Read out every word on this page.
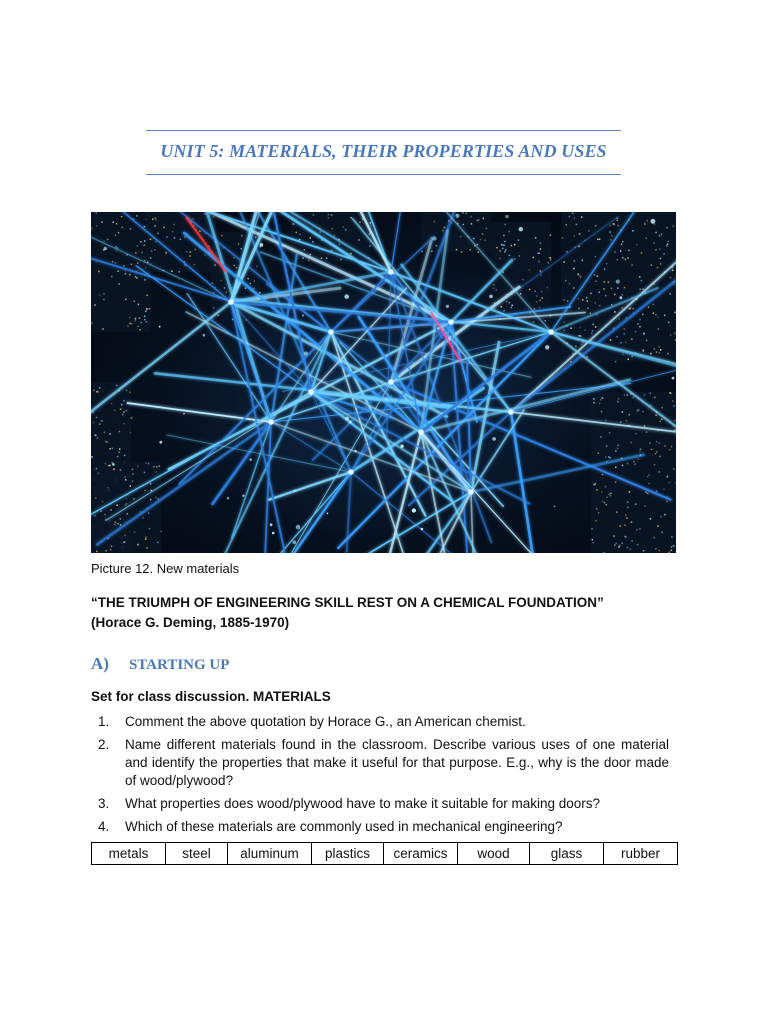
UNIT 5: MATERIALS, THEIR PROPERTIES AND USES
Picture 12. New materials
“THE TRIUMPH OF ENGINEERING SKILL REST ON A CHEMICAL FOUNDATION”
(Horace G. Deming, 1885-1970)
A) STARTING UP
Set for class discussion. MATERIALS
1. Comment the above quotation by Horace G., an American chemist.
2. Name different materials found in the classroom. Describe various uses of one material and identify the properties that make it useful for that purpose. E.g., why is the door made of wood/plywood?
3. What properties does wood/plywood have to make it suitable for making doors?
4. Which of these materials are commonly used in mechanical engineering?
metals	steel	aluminum	plastics	ceramics	wood	glass	rubber
